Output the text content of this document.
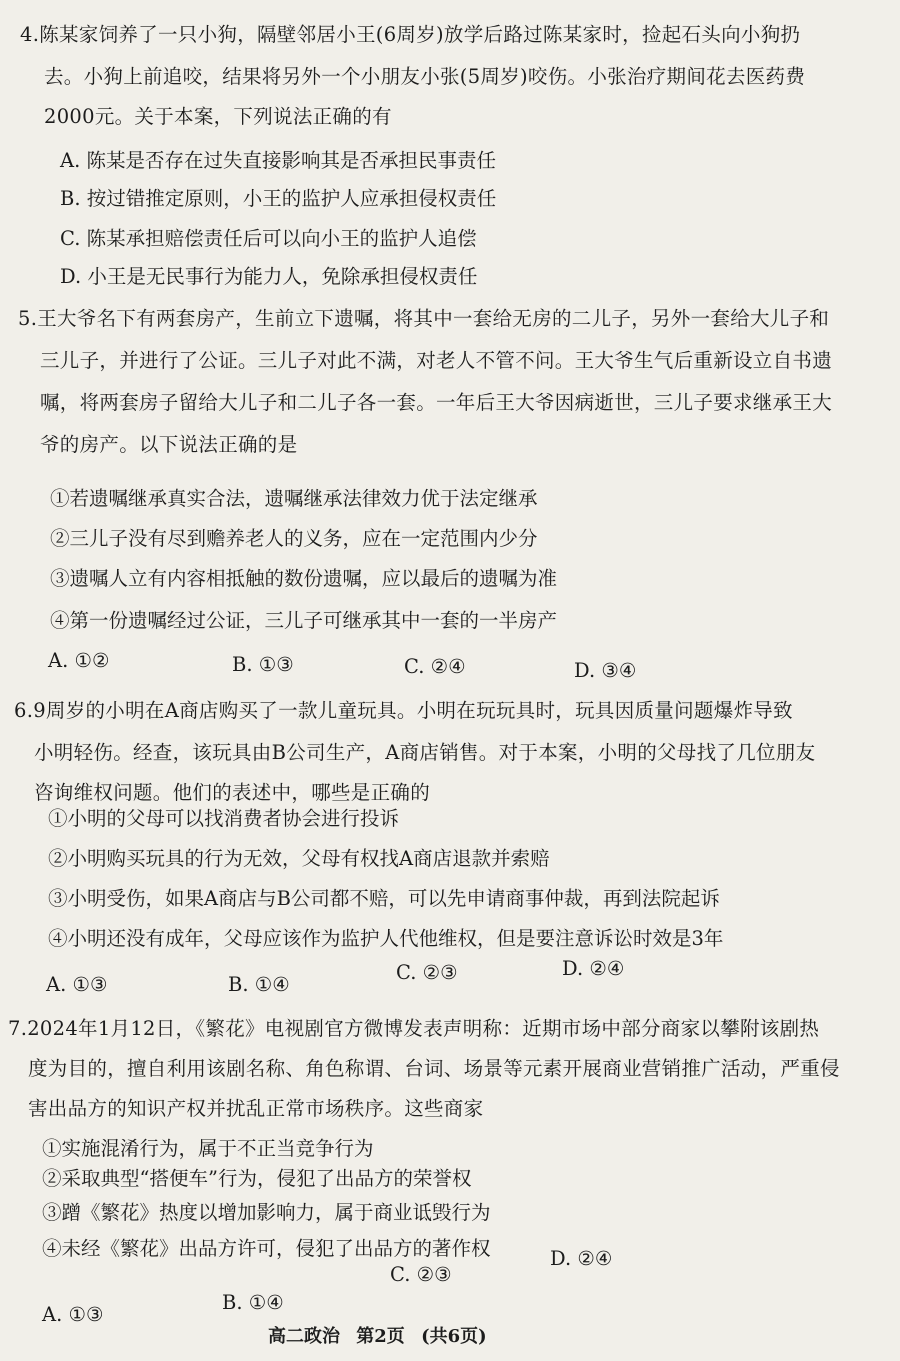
4.陈某家饲养了一只小狗，隔壁邻居小王(6周岁)放学后路过陈某家时，捡起石头向小狗扔
去。小狗上前追咬，结果将另外一个小朋友小张(5周岁)咬伤。小张治疗期间花去医药费
2000元。关于本案，下列说法正确的有
A. 陈某是否存在过失直接影响其是否承担民事责任
B. 按过错推定原则，小王的监护人应承担侵权责任
C. 陈某承担赔偿责任后可以向小王的监护人追偿
D. 小王是无民事行为能力人，免除承担侵权责任
5.王大爷名下有两套房产，生前立下遗嘱，将其中一套给无房的二儿子，另外一套给大儿子和
三儿子，并进行了公证。三儿子对此不满，对老人不管不问。王大爷生气后重新设立自书遗
嘱，将两套房子留给大儿子和二儿子各一套。一年后王大爷因病逝世，三儿子要求继承王大
爷的房产。以下说法正确的是
①若遗嘱继承真实合法，遗嘱继承法律效力优于法定继承
②三儿子没有尽到赡养老人的义务，应在一定范围内少分
③遗嘱人立有内容相抵触的数份遗嘱，应以最后的遗嘱为准
④第一份遗嘱经过公证，三儿子可继承其中一套的一半房产
A. ①②	B. ①③	C. ②④	D. ③④
6.9周岁的小明在A商店购买了一款儿童玩具。小明在玩玩具时，玩具因质量问题爆炸导致
小明轻伤。经查，该玩具由B公司生产，A商店销售。对于本案，小明的父母找了几位朋友
咨询维权问题。他们的表述中，哪些是正确的
①小明的父母可以找消费者协会进行投诉
②小明购买玩具的行为无效，父母有权找A商店退款并索赔
③小明受伤，如果A商店与B公司都不赔，可以先申请商事仲裁，再到法院起诉
④小明还没有成年，父母应该作为监护人代他维权，但是要注意诉讼时效是3年
A. ①③	B. ①④
C. ②③	D. ②④
7.2024年1月12日，《繁花》电视剧官方微博发表声明称：近期市场中部分商家以攀附该剧热
度为目的，擅自利用该剧名称、角色称谓、台词、场景等元素开展商业营销推广活动，严重侵
害出品方的知识产权并扰乱正常市场秩序。这些商家
①实施混淆行为，属于不正当竞争行为
②采取典型“搭便车”行为，侵犯了出品方的荣誉权
③蹭《繁花》热度以增加影响力，属于商业诋毁行为
④未经《繁花》出品方许可，侵犯了出品方的著作权
A. ①③
B. ①④
C. ②③
D. ②④
高二政治 第2页 (共6页)
